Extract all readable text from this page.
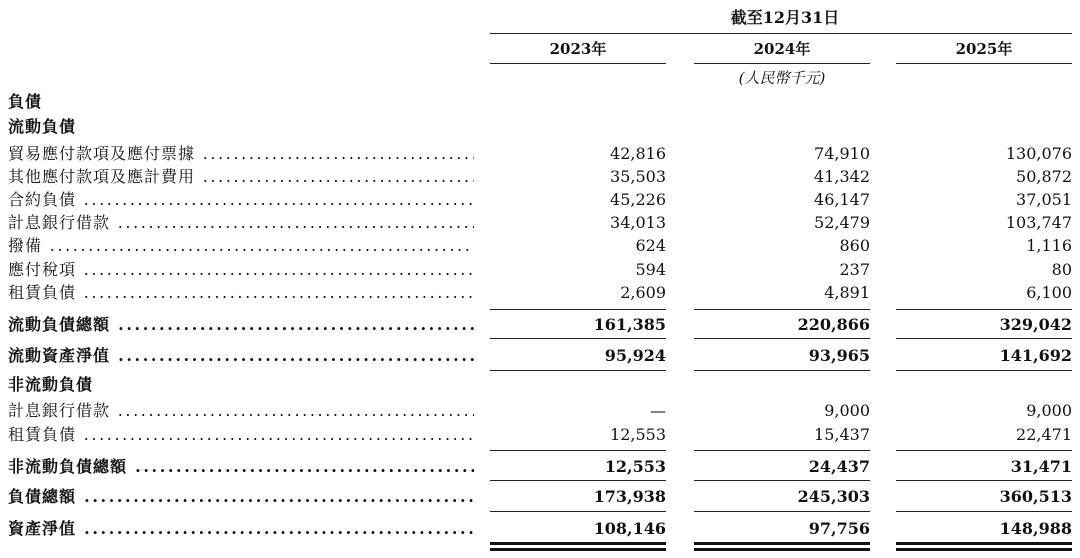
截至12月31日
2023年	2024年	2025年
(人民幣千元)
負債
流動負債
貿易應付款項及應付票據 .....	42,816	74,910	130,076
其他應付款項及應計費用 .....	35,503	41,342	50,872
合約負債 .....	45,226	46,147	37,051
計息銀行借款 .....	34,013	52,479	103,747
撥備 .....	624	860	1,116
應付稅項 .....	594	237	80
租賃負債 .....	2,609	4,891	6,100
流動負債總額 .....	161,385	220,866	329,042
流動資產淨值 .....	95,924	93,965	141,692
非流動負債
計息銀行借款 .....	—	9,000	9,000
租賃負債 .....	12,553	15,437	22,471
非流動負債總額 .....	12,553	24,437	31,471
負債總額 .....	173,938	245,303	360,513
資產淨值 .....	108,146	97,756	148,988
